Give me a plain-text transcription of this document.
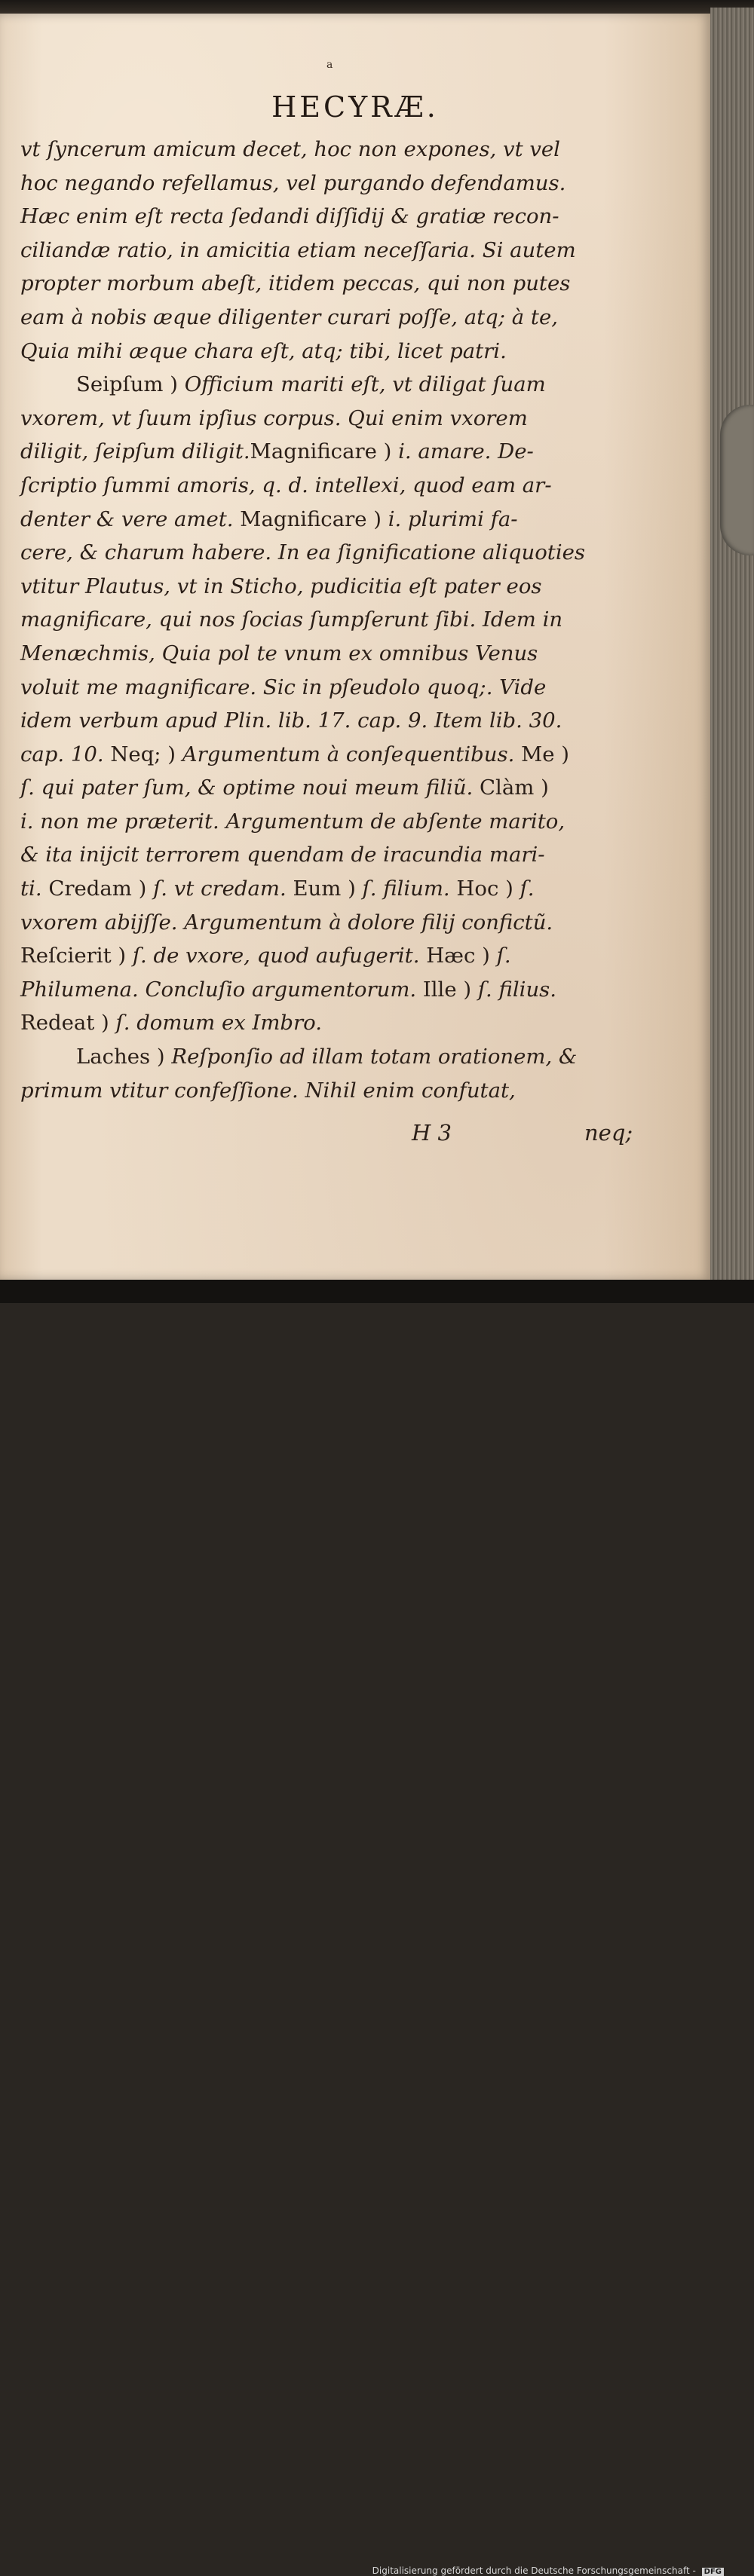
a
HECYRÆ.
vt ſyncerum amicum decet, hoc non expones, vt vel
hoc negando refellamus, vel purgando defendamus.
Hæc enim eſt recta ſedandi diſſidij & gratiæ recon-
ciliandæ ratio, in amicitia etiam neceſſaria. Si autem
propter morbum abeſt, itidem peccas, qui non putes
eam à nobis æque diligenter curari poſſe, atq; à te,
Quia mihi æque chara eſt, atq; tibi, licet patri.
Seipſum ) Officium mariti eſt, vt diligat ſuam
vxorem, vt ſuum ipſius corpus. Qui enim vxorem
diligit, ſeipſum diligit.Magnificare ) i. amare. De-
ſcriptio ſummi amoris, q. d. intellexi, quod eam ar-
denter & vere amet. Magnificare ) i. plurimi fa-
cere, & charum habere. In ea ſignificatione aliquoties
vtitur Plautus, vt in Sticho, pudicitia eſt pater eos
magnificare, qui nos ſocias ſumpſerunt ſibi. Idem in
Menæchmis, Quia pol te vnum ex omnibus Venus
voluit me magnificare. Sic in pſeudolo quoq;. Vide
idem verbum apud Plin. lib. 17. cap. 9. Item lib. 30.
cap. 10. Neq; ) Argumentum à conſequentibus. Me )
ſ. qui pater ſum, & optime noui meum filiũ. Clàm )
i. non me præterit. Argumentum de abſente marito,
& ita inijcit terrorem quendam de iracundia mari-
ti. Credam ) ſ. vt credam. Eum ) ſ. filium. Hoc ) ſ.
vxorem abijſſe. Argumentum à dolore filij confictũ.
Reſcierit ) ſ. de vxore, quod aufugerit. Hæc ) ſ.
Philumena. Concluſio argumentorum. Ille ) ſ. filius.
Redeat ) ſ. domum ex Imbro.
Laches ) Reſponſio ad illam totam orationem, &
primum vtitur confeſſione. Nihil enim confutat,
H 3	neq;
Digitalisierung gefördert durch die Deutsche Forschungsgemeinschaft - DFG
